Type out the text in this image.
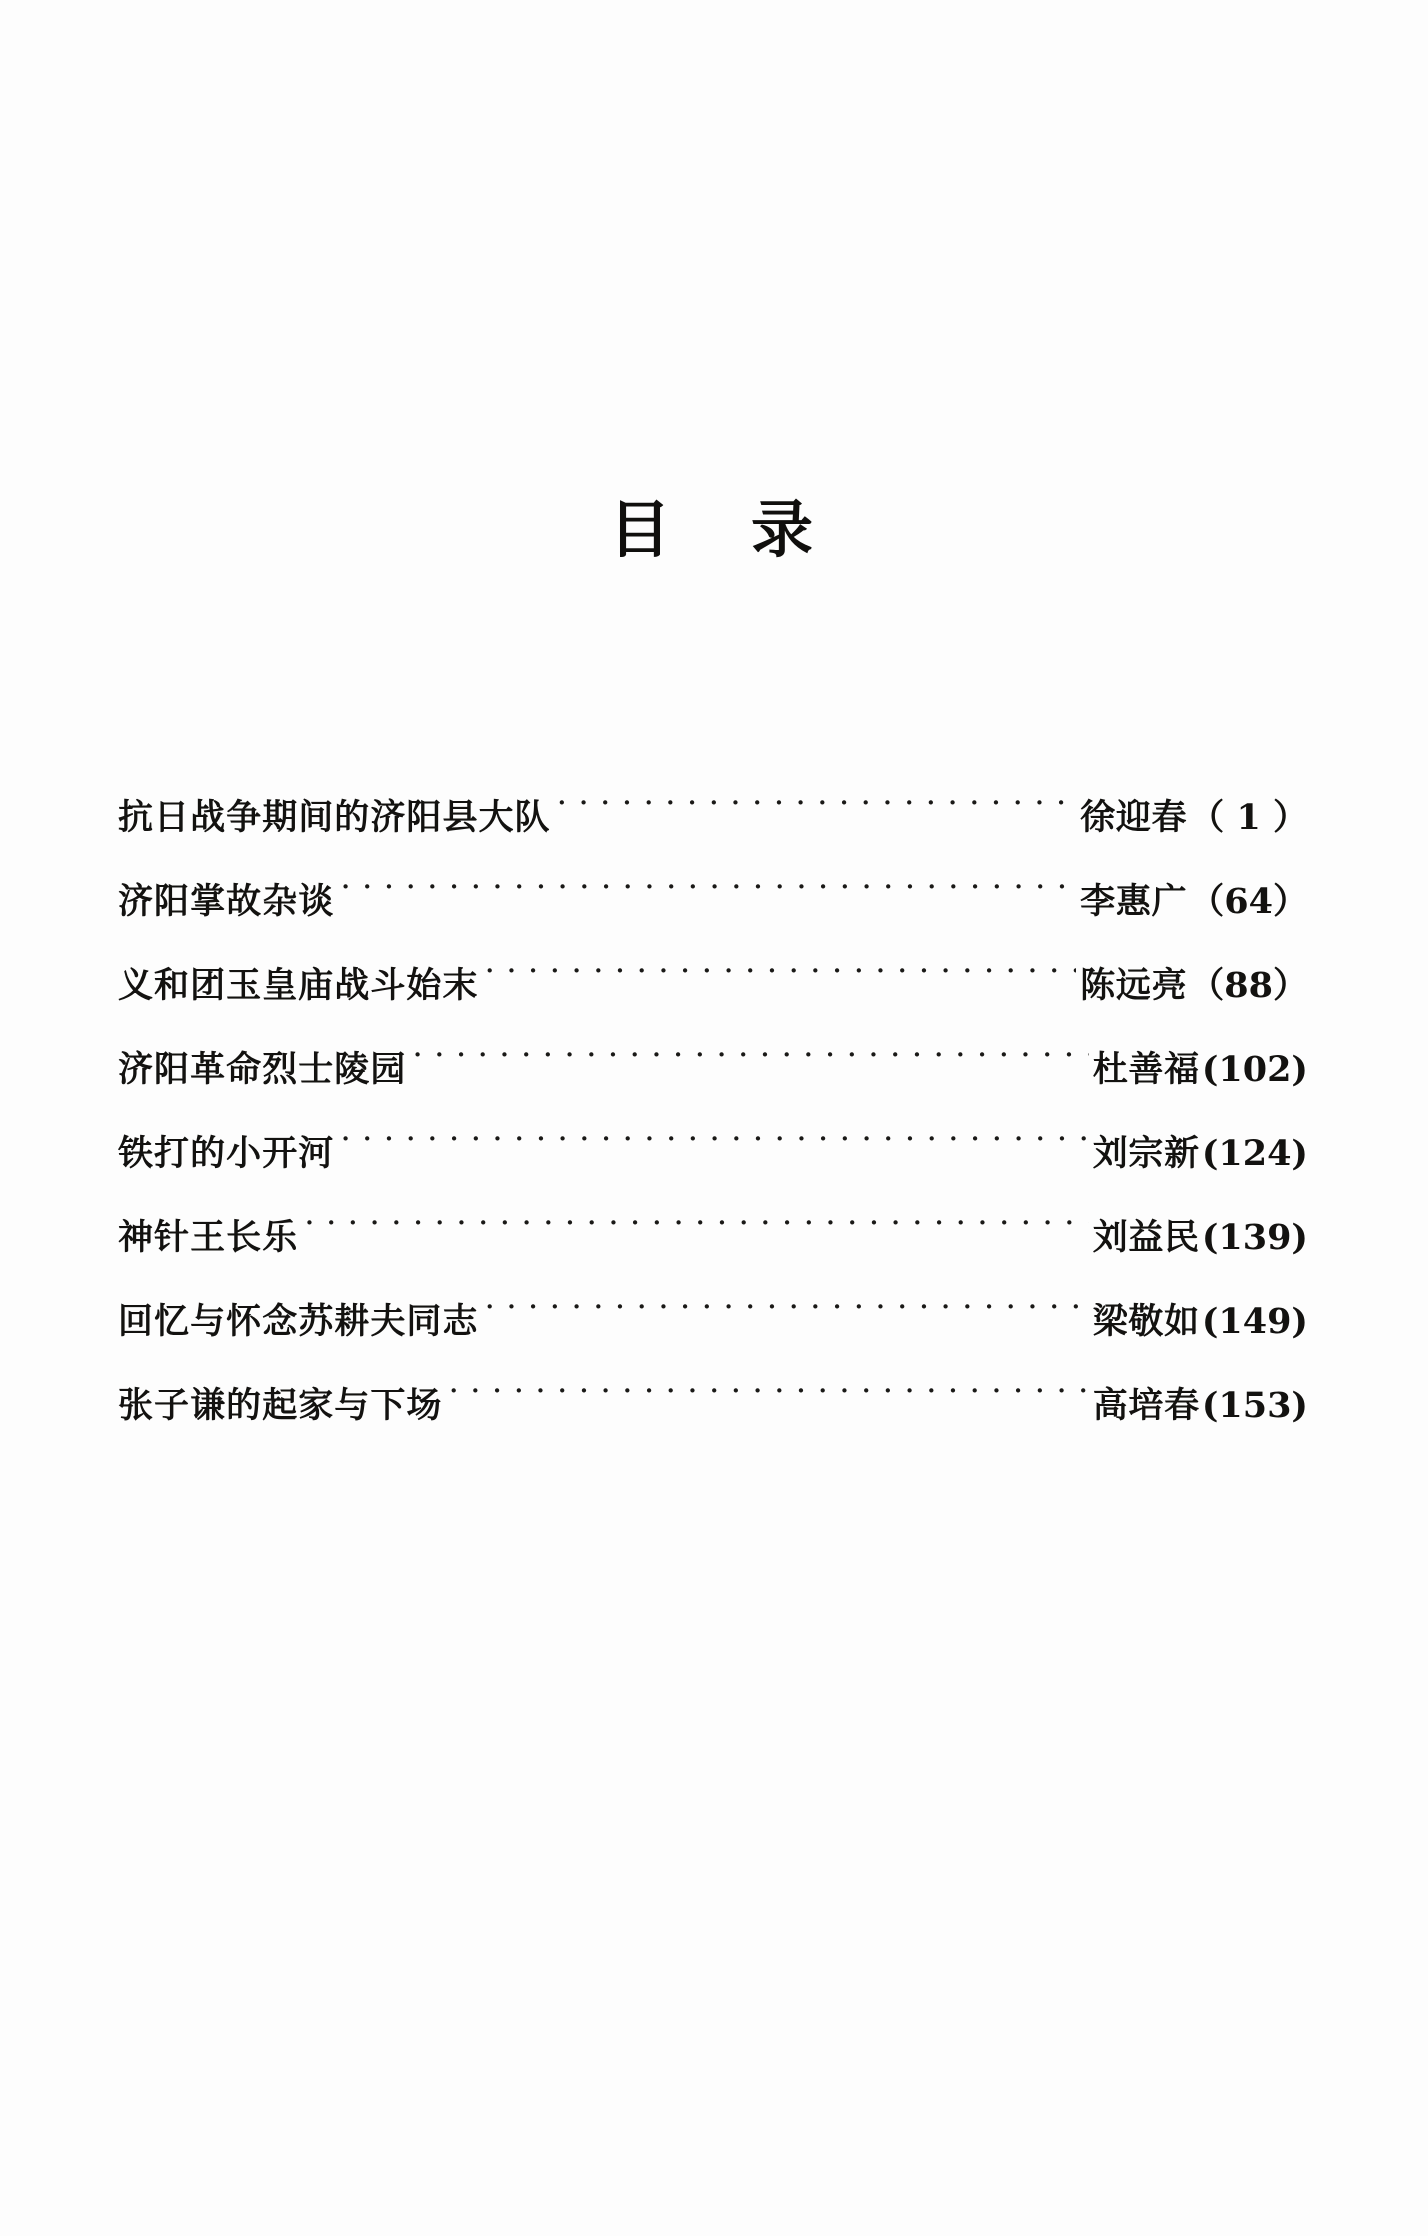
目 录
抗日战争期间的济阳县大队 ·····	徐迎春 （ 1 ）
济阳掌故杂谈 ·····	李惠广 （64）
义和团玉皇庙战斗始末 ·····	陈远亮 （88）
济阳革命烈士陵园 ·····	杜善福 (102)
铁打的小开河 ·····	刘宗新 (124)
神针王长乐 ·····	刘益民 (139)
回忆与怀念苏耕夫同志 ·····	梁敬如 (149)
张子谦的起家与下场 ·····	高培春 (153)
